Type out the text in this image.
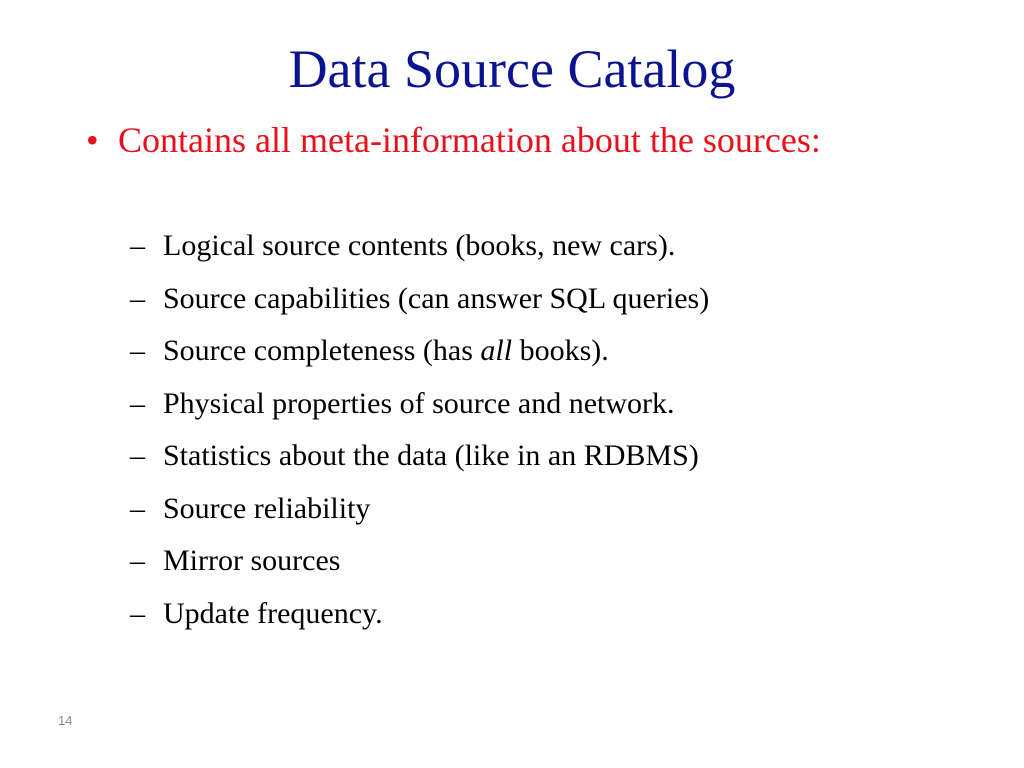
Data Source Catalog
• Contains all meta-information about the sources:
– Logical source contents (books, new cars).
– Source capabilities (can answer SQL queries)
– Source completeness (has all books).
– Physical properties of source and network.
– Statistics about the data (like in an RDBMS)
– Source reliability
– Mirror sources
– Update frequency.
14
